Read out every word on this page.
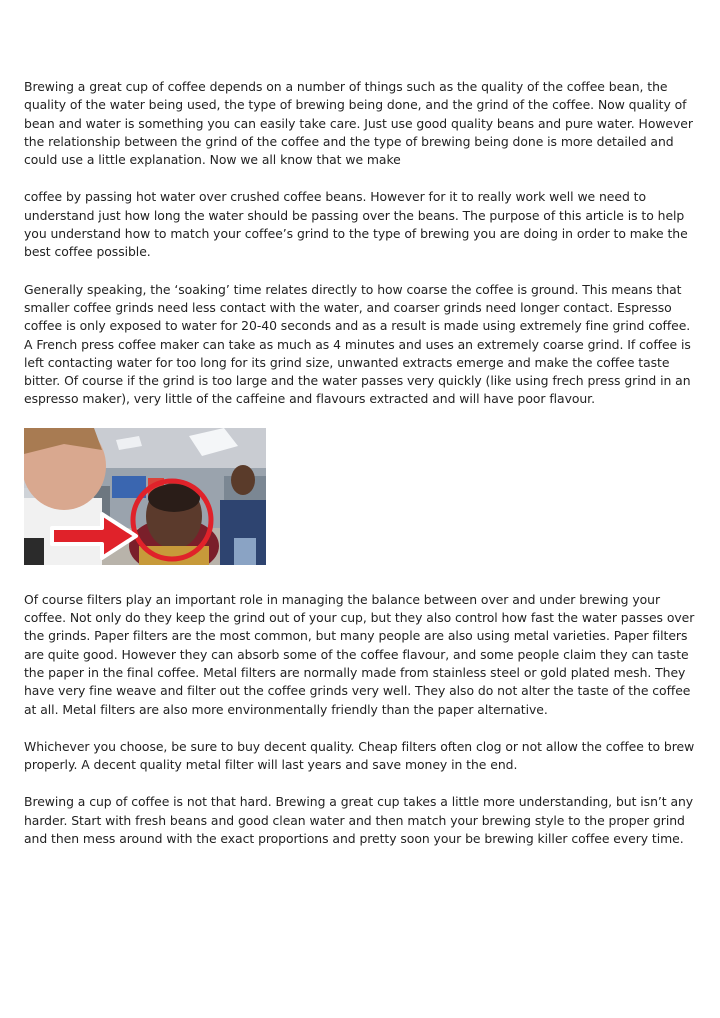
Brewing a great cup of coffee depends on a number of things such as the quality of the coffee bean, the quality of the water being used, the type of brewing being done, and the grind of the coffee. Now quality of bean and water is something you can easily take care. Just use good quality beans and pure water. However the relationship between the grind of the coffee and the type of brewing being done is more detailed and could use a little explanation. Now we all know that we make

coffee by passing hot water over crushed coffee beans. However for it to really work well we need to understand just how long the water should be passing over the beans. The purpose of this article is to help you understand how to match your coffee’s grind to the type of brewing you are doing in order to make the best coffee possible.

Generally speaking, the ‘soaking’ time relates directly to how coarse the coffee is ground. This means that smaller coffee grinds need less contact with the water, and coarser grinds need longer contact. Espresso coffee is only exposed to water for 20-40 seconds and as a result is made using extremely fine grind coffee. A French press coffee maker can take as much as 4 minutes and uses an extremely coarse grind. If coffee is left contacting water for too long for its grind size, unwanted extracts emerge and make the coffee taste bitter. Of course if the grind is too large and the water passes very quickly (like using frech press grind in an espresso maker), very little of the caffeine and flavours extracted and will have poor flavour.

Of course filters play an important role in managing the balance between over and under brewing your coffee. Not only do they keep the grind out of your cup, but they also control how fast the water passes over the grinds. Paper filters are the most common, but many people are also using metal varieties. Paper filters are quite good. However they can absorb some of the coffee flavour, and some people claim they can taste the paper in the final coffee. Metal filters are normally made from stainless steel or gold plated mesh. They have very fine weave and filter out the coffee grinds very well. They also do not alter the taste of the coffee at all. Metal filters are also more environmentally friendly than the paper alternative.

Whichever you choose, be sure to buy decent quality. Cheap filters often clog or not allow the coffee to brew properly. A decent quality metal filter will last years and save money in the end.

Brewing a cup of coffee is not that hard. Brewing a great cup takes a little more understanding, but isn’t any harder. Start with fresh beans and good clean water and then match your brewing style to the proper grind and then mess around with the exact proportions and pretty soon your be brewing killer coffee every time.
